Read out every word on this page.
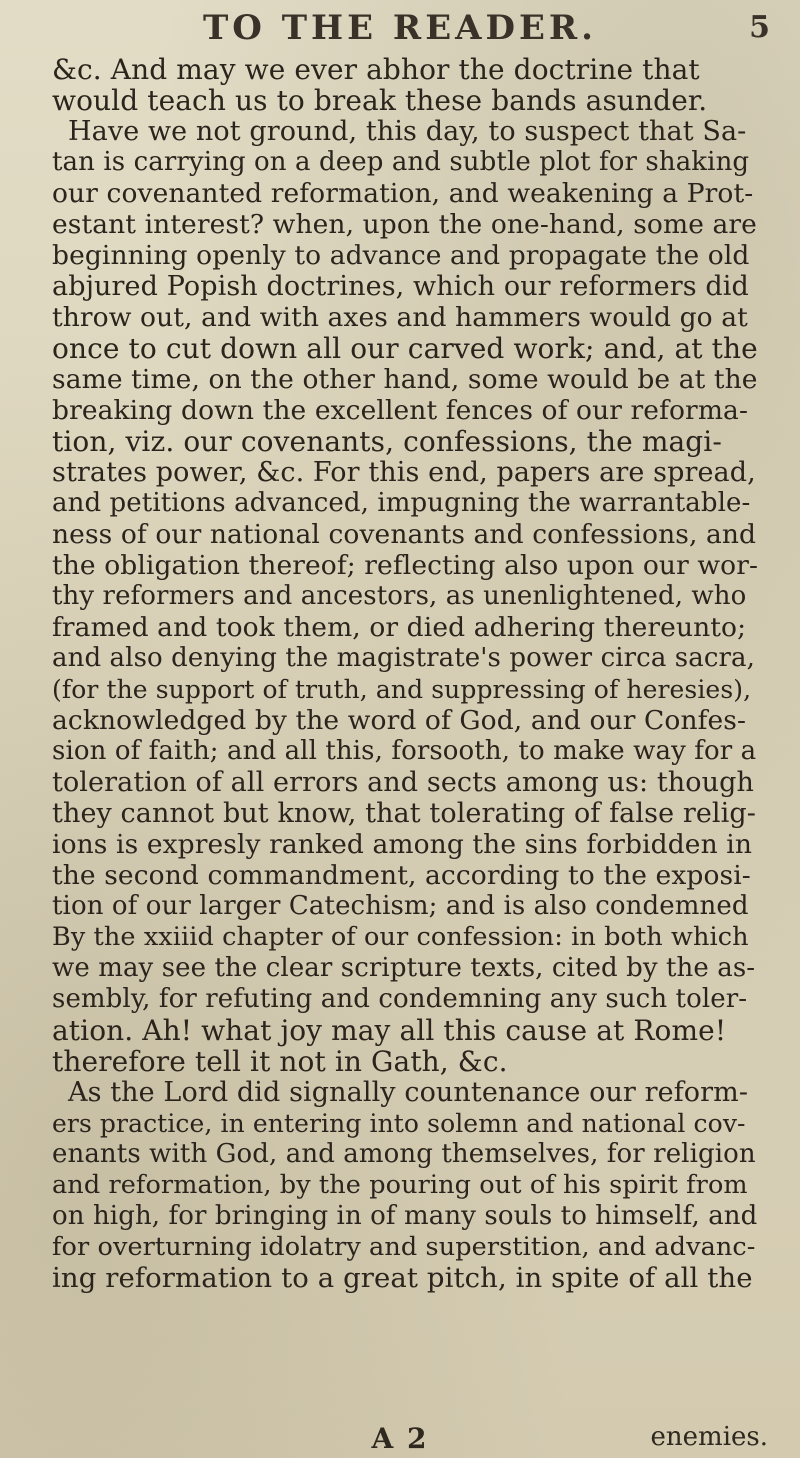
TO THE READER.	5
&c. And may we ever abhor the doctrine that
would teach us to break these bands asunder.
Have we not ground, this day, to suspect that Sa-
tan is carrying on a deep and subtle plot for shaking
our covenanted reformation, and weakening a Prot-
estant interest? when, upon the one-hand, some are
beginning openly to advance and propagate the old
abjured Popish doctrines, which our reformers did
throw out, and with axes and hammers would go at
once to cut down all our carved work; and, at the
same time, on the other hand, some would be at the
breaking down the excellent fences of our reforma-
tion, viz. our covenants, confessions, the magi-
strates power, &c. For this end, papers are spread,
and petitions advanced, impugning the warrantable-
ness of our national covenants and confessions, and
the obligation thereof; reflecting also upon our wor-
thy reformers and ancestors, as unenlightened, who
framed and took them, or died adhering thereunto;
and also denying the magistrate's power circa sacra,
(for the support of truth, and suppressing of heresies),
acknowledged by the word of God, and our Confes-
sion of faith; and all this, forsooth, to make way for a
toleration of all errors and sects among us: though
they cannot but know, that tolerating of false relig-
ions is expresly ranked among the sins forbidden in
the second commandment, according to the exposi-
tion of our larger Catechism; and is also condemned
By the xxiiid chapter of our confession: in both which
we may see the clear scripture texts, cited by the as-
sembly, for refuting and condemning any such toler-
ation. Ah! what joy may all this cause at Rome!
therefore tell it not in Gath, &c.
As the Lord did signally countenance our reform-
ers practice, in entering into solemn and national cov-
enants with God, and among themselves, for religion
and reformation, by the pouring out of his spirit from
on high, for bringing in of many souls to himself, and
for overturning idolatry and superstition, and advanc-
ing reformation to a great pitch, in spite of all the
A 2	enemies.
